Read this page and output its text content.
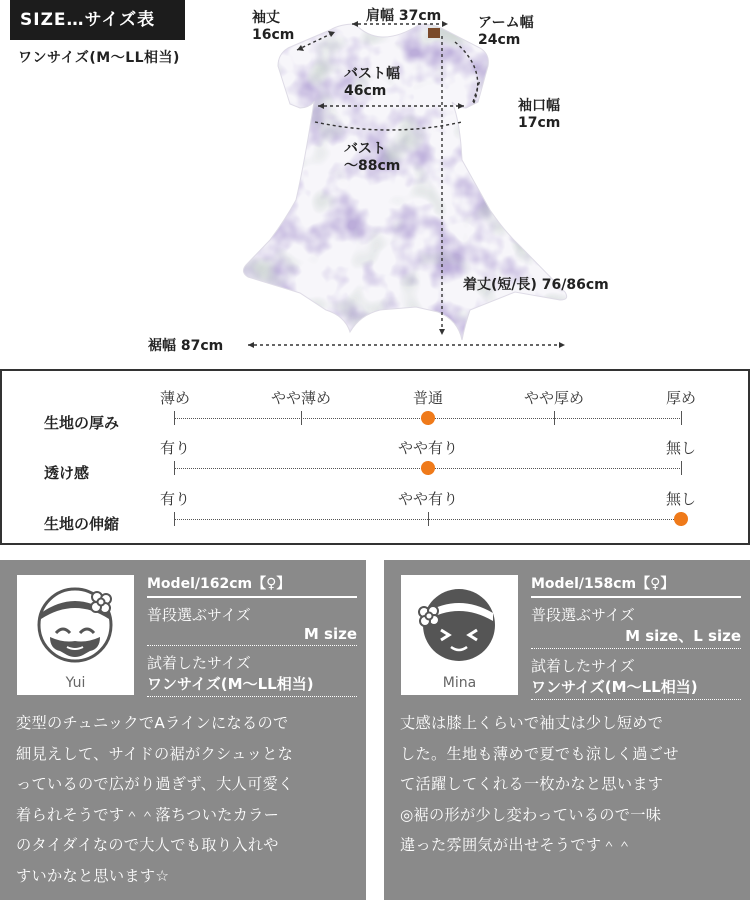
SIZE…サイズ表
ワンサイズ(M〜LL相当)
袖丈
16cm
肩幅 37cm	アーム幅
24cm
袖口幅
17cm
バスト幅
46cm
バスト
〜88cm
着丈(短/長) 76/86cm
裾幅 87cm
生地の厚み
薄め	やや薄め	普通	やや厚め	厚め
透け感
有り	やや有り	無し
生地の伸縮
有り	やや有り	無し
Yui
Model/162cm【♀】
普段選ぶサイズ
M size
試着したサイズ
ワンサイズ(M〜LL相当)
変型のチュニックでAラインになるので
細見えして、サイドの裾がクシュッとな
っているので広がり過ぎず、大人可愛く
着られそうです＾＾落ちついたカラー
のタイダイなので大人でも取り入れや
すいかなと思います☆
Mina
Model/158cm【♀】
普段選ぶサイズ
M size、L size
試着したサイズ
ワンサイズ(M〜LL相当)
丈感は膝上くらいで袖丈は少し短めで
した。生地も薄めで夏でも涼しく過ごせ
て活躍してくれる一枚かなと思います
◎裾の形が少し変わっているので一味
違った雰囲気が出せそうです＾＾
